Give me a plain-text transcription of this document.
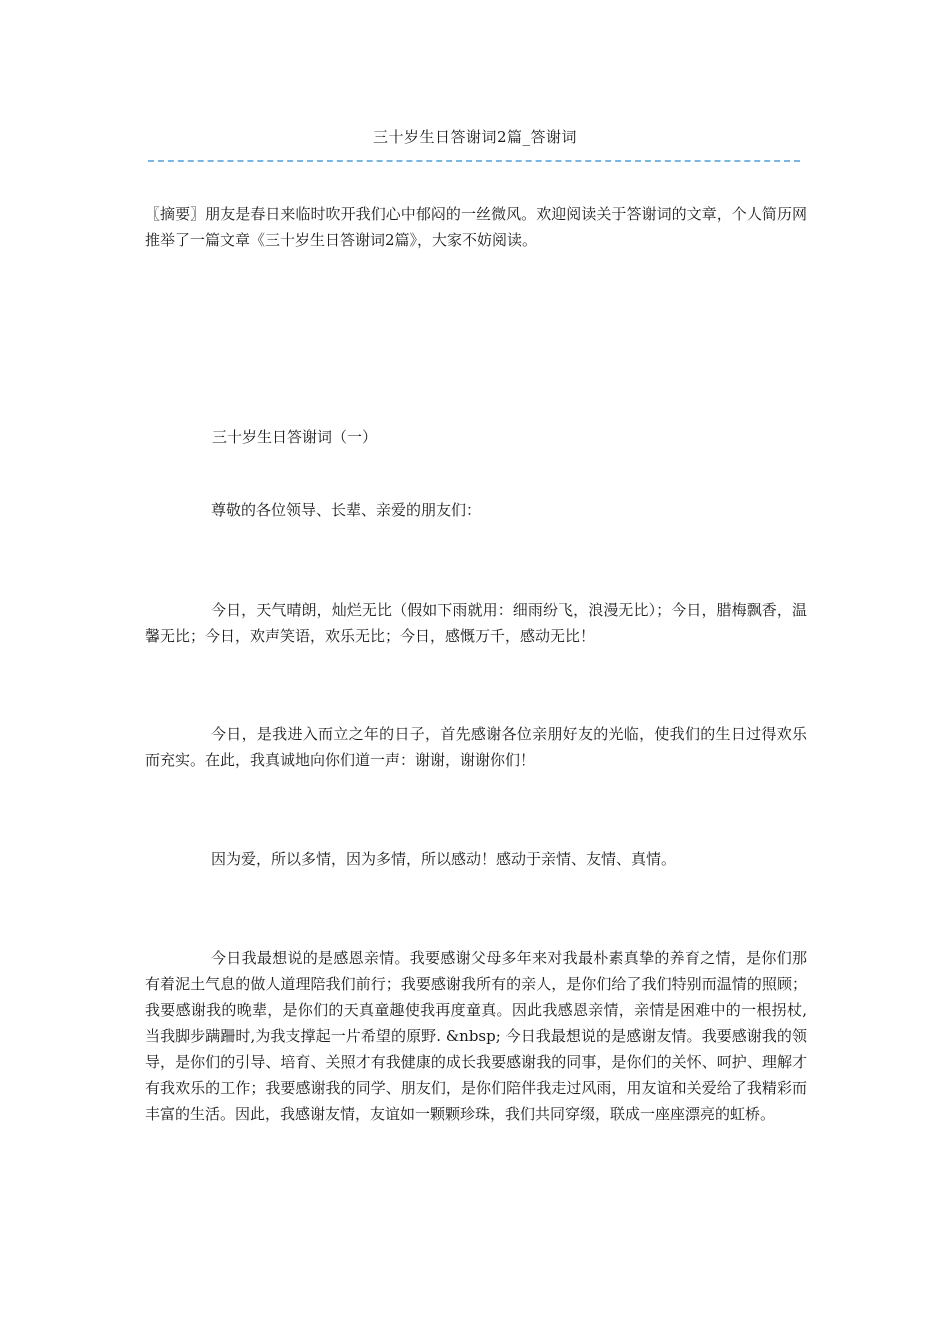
三十岁生日答谢词2篇_答谢词

〖摘要〗朋友是春日来临时吹开我们心中郁闷的一丝微风。欢迎阅读关于答谢词的文章，个人简历网推举了一篇文章《三十岁生日答谢词2篇》，大家不妨阅读。

三十岁生日答谢词（一）

尊敬的各位领导、长辈、亲爱的朋友们：

今日，天气晴朗，灿烂无比（假如下雨就用：细雨纷飞，浪漫无比）；今日，腊梅飘香，温馨无比；今日，欢声笑语，欢乐无比；今日，感慨万千，感动无比！

今日，是我进入而立之年的日子，首先感谢各位亲朋好友的光临，使我们的生日过得欢乐而充实。在此，我真诚地向你们道一声：谢谢，谢谢你们！

因为爱，所以多情，因为多情，所以感动！感动于亲情、友情、真情。

今日我最想说的是感恩亲情。我要感谢父母多年来对我最朴素真挚的养育之情，是你们那有着泥土气息的做人道理陪我们前行；我要感谢我所有的亲人，是你们给了我们特别而温情的照顾；我要感谢我的晚辈，是你们的天真童趣使我再度童真。因此我感恩亲情，亲情是困难中的一根拐杖,当我脚步蹒跚时,为我支撑起一片希望的原野. &nbsp; 今日我最想说的是感谢友情。我要感谢我的领导，是你们的引导、培育、关照才有我健康的成长我要感谢我的同事，是你们的关怀、呵护、理解才有我欢乐的工作；我要感谢我的同学、朋友们，是你们陪伴我走过风雨，用友谊和关爱给了我精彩而丰富的生活。因此，我感谢友情，友谊如一颗颗珍珠，我们共同穿缀，联成一座座漂亮的虹桥。
